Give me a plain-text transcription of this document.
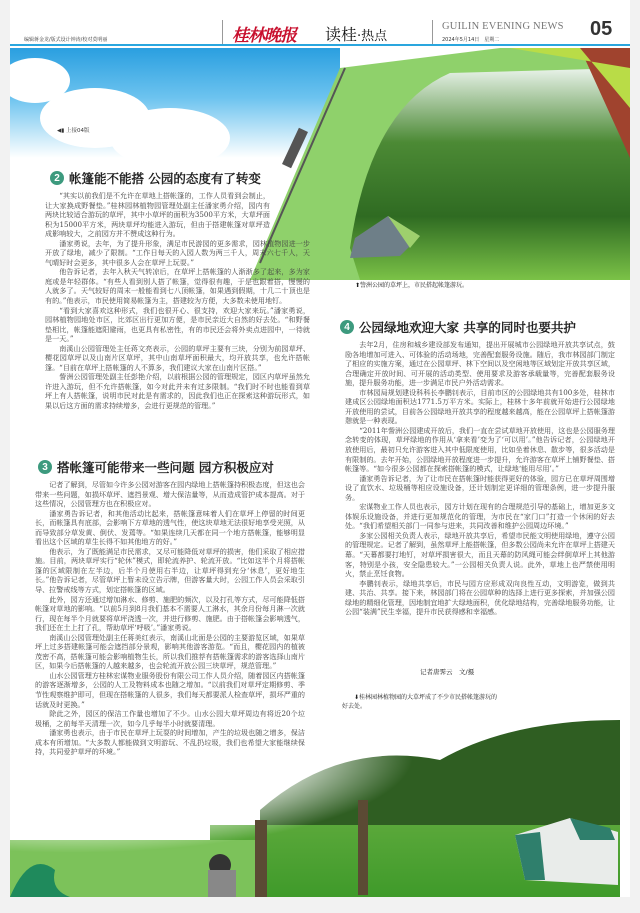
编辑蒋金龙/版式设计钟涛/校对莫明丽	桂林晚报 读桂·热点
GUILIN EVENING NEWS
2024年5月14日　星期二	05
◀▮ 上接04版
2 帐篷能不能搭 公园的态度有了转变

“其实以前我们是不允许在草地上搭帐篷的，工作人员看到会制止，让大家换成野餐垫。”桂林园林植物园管理处副主任潘家勇介绍，园内有两块比较适合游玩的草坪，其中小草坪的面积为3500平方米，大草坪面积为15000平方米，两块草坪均能进入游玩，但由于搭建帐篷对草坪造成影响较大，之前园方并不赞成这种行为。

潘家勇说，去年，为了提升形象，满足市民游园的更多需求，园林植物园进一步开放了绿地，减少了限制。“工作日每天的入园人数为两三千人，周末六七千人，天气晴好时会更多，其中很多人会在草坪上玩耍。”

他告诉记者，去年入秋天气转凉后，在草坪上搭帐篷的人渐渐多了起来，多为家庭或是年轻群体。“有些人看到别人搭了帐篷，觉得很有趣，于是也跟着搭，慢慢的人就多了。天气较好的周末一般能看到七八顶帐篷，如果遇到假期，十几二十顶也是有的。”他表示，市民使用简易帐篷为主，搭建较为方便，大多数未使用地钉。

“看到大家喜欢这种形式，我们也很开心、很支持，欢迎大家来玩。”潘家勇说，园林植物园地处市区，比郊区出行更加方便，是市民亲近大自然的好去处。“和野餐垫相比，帐篷能遮阳避雨，也更具有私密性，有的市民还会将外卖点进园中，一待就是一天。”

南溪山公园管理处主任蒋文亮表示，公园的草坪主要有三块，分别为前园草坪、樱花园草坪以及山南片区草坪，其中山南草坪面积最大，均开放共享，也允许搭帐篷。“目前在草坪上搭帐篷的人不算多，我们建议大家在山南片区搭。”

訾洲公园管理处副主任彭艳介绍，以前根据公园的管理规定，园区内草坪虽然允许进入游玩，但不允许搭帐篷，如今对此并未有过多限制。“我们时不时也能看到草坪上有人搭帐篷，说明市民对此是有需求的，因此我们也正在探索这种游玩形式，如果以后这方面的需求持续增多，会进行更规范的管理。”

3 搭帐篷可能带来一些问题 园方积极应对

记者了解到，尽管如今许多公园对游客在园内绿地上搭帐篷持积极态度，但这也会带来一些问题，如损坏草坪、遮挡景观、增大保洁量等，从而造成管护成本提高。对于这些情况，公园管理方也在积极应对。

潘家勇告诉记者，和其他活动比起来，搭帐篷意味着人们在草坪上停留的时间更长，而帐篷具有底部，会影响下方草地的透气性，使这块草地无法很好地享受光照，从而导致部分草发黄、倒伏、发蔫等。“如果连续几天都在同一个地方搭帐篷，能够明显看出这个区域的草生长得不如其他地方的好。”

他表示，为了既能满足市民需求，又尽可能降低对草坪的损害，他们采取了相应措施。目前，两块草坪实行“轮休”模式，即轮流养护、轮流开放。“比如这半个月将搭帐篷的区域限制在左半边，后半个月使用右半边，让草坪得到充分‘休息’，更好地生长。”他告诉记者，尽管草坪上暂未设立告示牌，但游客量大时，公园工作人员会采取引导、拉警戒线等方式，划定搭帐篷的区域。

此外，园方还通过增加淋水、修剪、施肥的频次，以及打孔等方式，尽可能降低搭帐篷对草地的影响。“以前5月到8月我们基本不需要人工淋水，其余月份每月淋一次就行，现在每半个月就要将草坪浇透一次，并进行修剪、施肥。由于搭帐篷会影响透气，我们还在土上打了孔，帮助草坪‘呼吸’。”潘家勇说。

南溪山公园管理处副主任蒋美红表示，南溪山北面是公园的主要游览区域，如果草坪上过多搭建帐篷可能会遮挡部分景观，影响其他游客游览。“而且，樱花园内的植被茂密不高，搭帐篷可能会影响植物生长，所以我们推荐有搭帐篷需求的游客选择山南片区，如果今后搭帐篷的人越来越多，也会轮流开放公园三块草坪，规范管理。”

山水公园管理方桂林宏谋物业服务股份有限公司工作人员介绍，随着园区内搭帐篷的游客逐渐增多，公园的人工及物料成本也随之增加。“以前我们对草坪定期修剪、季节性观察维护即可，但现在搭帐篷的人很多，我们每天都要派人检查草坪，损坏严重的话就及时更换。”

除此之外，园区的保洁工作量也增加了不少。山水公园大草坪周边有将近20个垃圾桶，之前每半天清理一次，如今几乎每半小时就要清理。

潘家勇也表示，由于市民在草坪上玩耍的时间增加，产生的垃圾也随之增多，保洁成本有所增加。“大多数人都能做到文明游玩、不乱扔垃圾，我们也希望大家能继续保持，共同爱护草坪的环境。”

⬆訾洲公园的草坪上，市民搭起帐篷游玩。
4 公园绿地欢迎大家 共享的同时也要共护

去年2月，住房和城乡建设部发布通知，提出开展城市公园绿地开放共享试点，鼓励各地增加可进入、可体验的活动场地，完善配套服务设施。随后，我市林园部门制定了相应的实施方案，通过在公园草坪、林下空间以及空闲地等区域划定开放共享区域，合理确定开放时间、可开展的活动类型、使用要求及游客承载量等，完善配套服务设施，提升服务功能，进一步满足市民户外活动需求。

市林园局规划建设科科长李鹏钊表示，目前市区的公园绿地共有100多处，桂林市建成区公园绿地面积达1771.5万平方米。实际上，桂林十多年前就开始进行公园绿地开放使用的尝试，目前各公园绿地开放共享的程度越来越高，能在公园草坪上搭帐篷游憩就是一种表现。

“2011年訾洲公园建成开放后，我们一直在尝试草地开放使用，这也是公园服务理念转变的体现，草坪绿地的作用从‘拿来看’变为了‘可以用’。”他告诉记者，公园绿地开放使用后，最初只允许游客进入其中低限度使用，比如坐着休息、散步等，很多活动是有限制的。去年开始，公园绿地开放程度进一步提升，允许游客在草坪上铺野餐垫、搭帐篷等。“如今很多公园都在探索搭帐篷的模式，让绿地‘能用尽用’。”

潘家勇告诉记者，为了让市民在搭帐篷时能获得更好的体验，园方已在草坪周围增设了直饮水、垃圾桶等相应设施设备，还计划制定更详细的管理条例，进一步提升服务。

宏谋物业工作人员也表示，园方计划在现有的合理规范引导的基础上，增加更多文体娱乐设施设备，并进行更加规范化的管理，为市民在“家门口”打造一个休闲的好去处。“我们希望相关部门一同参与进来，共同改善和维护公园周边环境。”

多家公园相关负责人表示，绿地开放共享后，希望市民能文明使用绿地，遵守公园的管理规定。记者了解到，虽然草坪上能搭帐篷，但多数公园尚未允许在草坪上搭建天幕。“天幕都要打地钉，对草坪损害很大，而且天幕的防风绳可能会绊倒草坪上其他游客，特别是小孩，安全隐患较大。”一公园相关负责人说。此外，草地上也严禁使用明火，禁止烹饪食物。

李鹏钊表示，绿地共享后，市民与园方应形成双向良性互动，文明游览，做到共建、共治、共享。接下来，林园部门将在公园草种的选择上进行更多探索，并加强公园绿地的精细化管理，因地制宜地扩大绿地面积，优化绿地结构，完善绿地服务功能，让公园“装满”民生幸福，提升市民获得感和幸福感。

记者唐霁云　文/摄
⬇桂林园林植物园的大草坪成了不少市民搭帐篷游玩的好去处。
